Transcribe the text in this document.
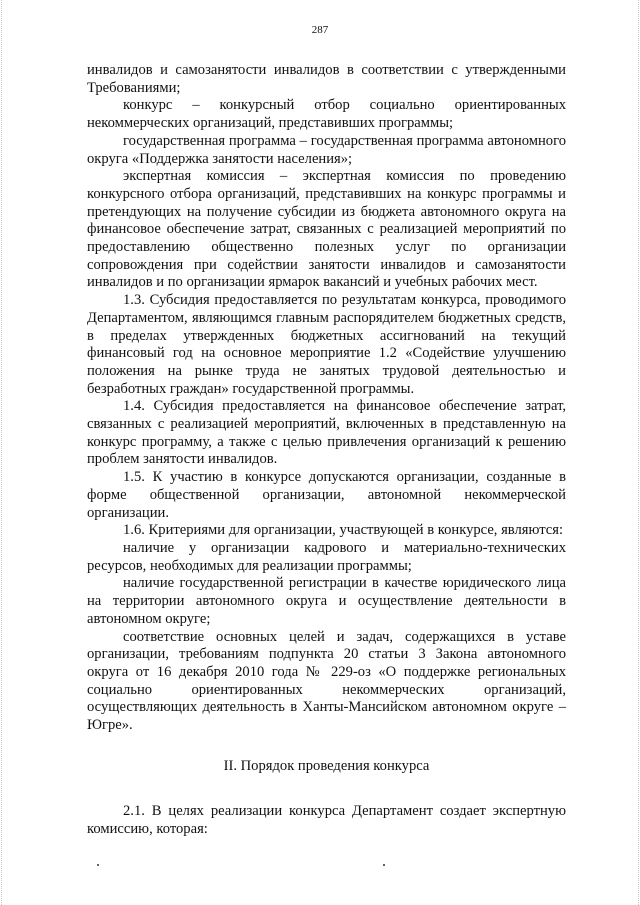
287

инвалидов и самозанятости инвалидов в соответствии с утвержденными Требованиями;

конкурс – конкурсный отбор социально ориентированных некоммерческих организаций, представивших программы;

государственная программа – государственная программа автономного округа «Поддержка занятости населения»;

экспертная комиссия – экспертная комиссия по проведению конкурсного отбора организаций, представивших на конкурс программы и претендующих на получение субсидии из бюджета автономного округа на финансовое обеспечение затрат, связанных с реализацией мероприятий по предоставлению общественно полезных услуг по организации сопровождения при содействии занятости инвалидов и самозанятости инвалидов и по организации ярмарок вакансий и учебных рабочих мест.

1.3. Субсидия предоставляется по результатам конкурса, проводимого Департаментом, являющимся главным распорядителем бюджетных средств, в пределах утвержденных бюджетных ассигнований на текущий финансовый год на основное мероприятие 1.2 «Содействие улучшению положения на рынке труда не занятых трудовой деятельностью и безработных граждан» государственной программы.

1.4. Субсидия предоставляется на финансовое обеспечение затрат, связанных с реализацией мероприятий, включенных в представленную на конкурс программу, а также с целью привлечения организаций к решению проблем занятости инвалидов.

1.5. К участию в конкурсе допускаются организации, созданные в форме общественной организации, автономной некоммерческой организации.

1.6. Критериями для организации, участвующей в конкурсе, являются:

наличие у организации кадрового и материально-технических ресурсов, необходимых для реализации программы;

наличие государственной регистрации в качестве юридического лица на территории автономного округа и осуществление деятельности в автономном округе;

соответствие основных целей и задач, содержащихся в уставе организации, требованиям подпункта 20 статьи 3 Закона автономного округа от 16 декабря 2010 года № 229-оз «О поддержке региональных социально ориентированных некоммерческих организаций, осуществляющих деятельность в Ханты-Мансийском автономном округе – Югре».

II. Порядок проведения конкурса

2.1. В целях реализации конкурса Департамент создает экспертную комиссию, которая:
